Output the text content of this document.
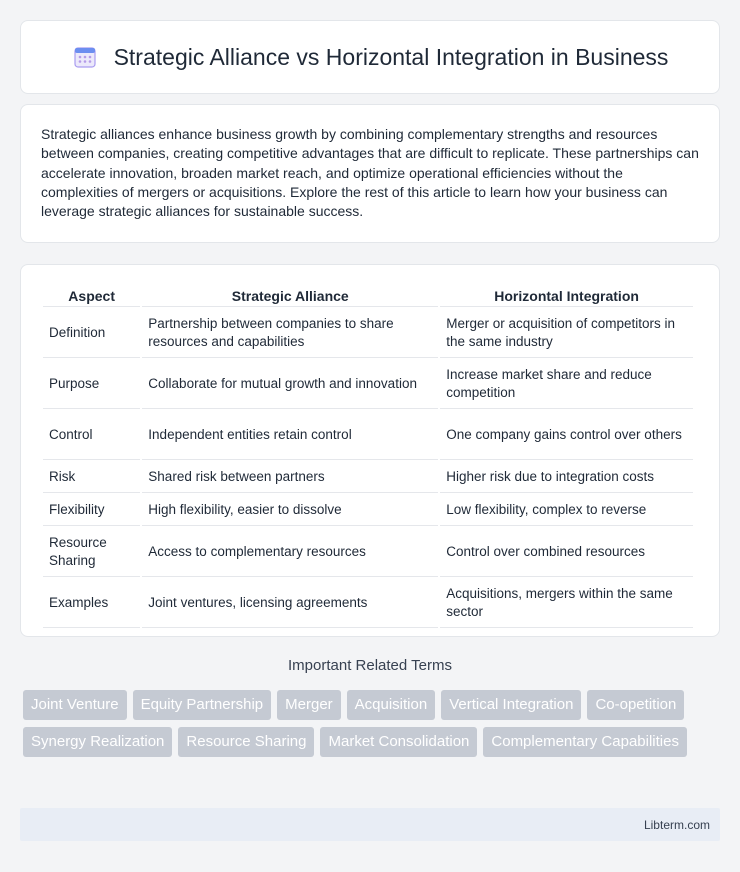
Strategic Alliance vs Horizontal Integration in Business

Strategic alliances enhance business growth by combining complementary strengths and resources between companies, creating competitive advantages that are difficult to replicate. These partnerships can accelerate innovation, broaden market reach, and optimize operational efficiencies without the complexities of mergers or acquisitions. Explore the rest of this article to learn how your business can leverage strategic alliances for sustainable success.

Aspect	Strategic Alliance	Horizontal Integration
Definition	Partnership between companies to share resources and capabilities	Merger or acquisition of competitors in the same industry
Purpose	Collaborate for mutual growth and innovation	Increase market share and reduce competition
Control	Independent entities retain control	One company gains control over others
Risk	Shared risk between partners	Higher risk due to integration costs
Flexibility	High flexibility, easier to dissolve	Low flexibility, complex to reverse
Resource Sharing	Access to complementary resources	Control over combined resources
Examples	Joint ventures, licensing agreements	Acquisitions, mergers within the same sector
Important Related Terms
Joint Venture	Equity Partnership	Merger	Acquisition	Vertical Integration	Co-opetition
Synergy Realization	Resource Sharing	Market Consolidation	Complementary Capabilities
Libterm.com
